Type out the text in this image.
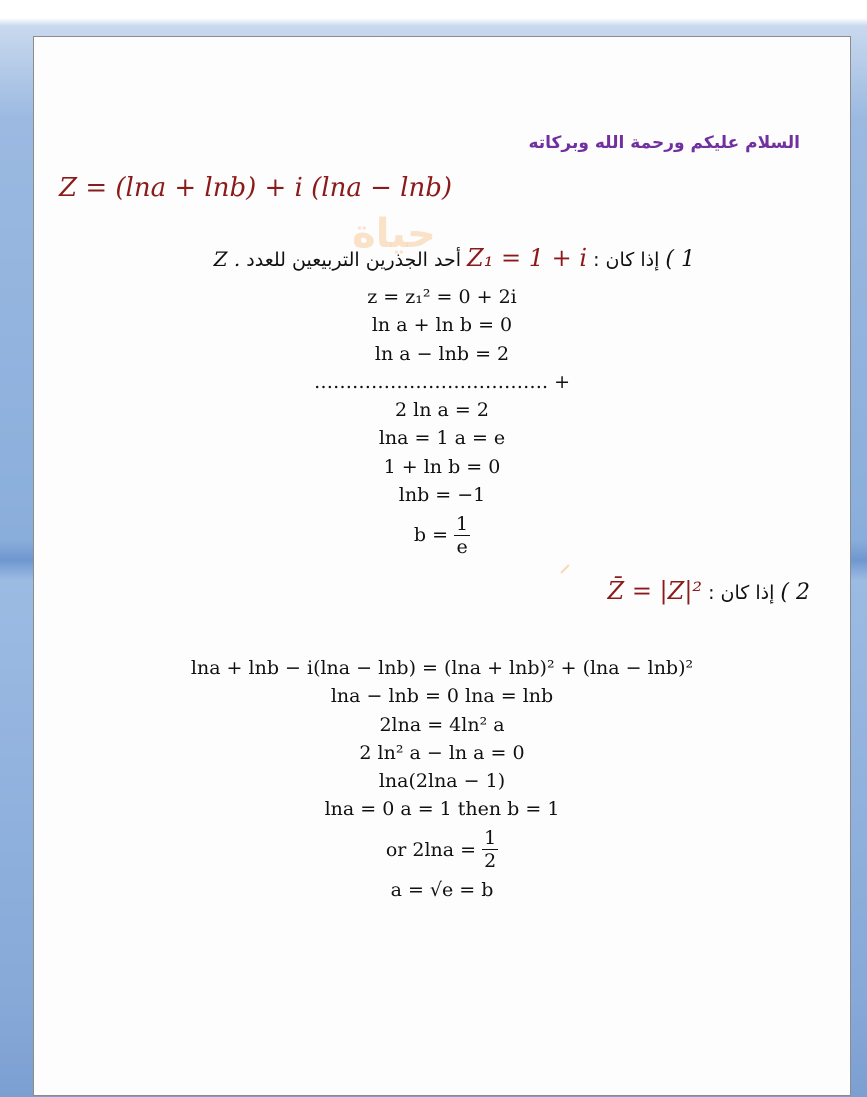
حياة
السلام عليكم ورحمة الله وبركاته
Z = (lna + lnb) + i (lna − lnb)
1 ) إذا كان : Z₁ = 1 + i أحد الجذرين التربيعين للعدد Z .
z = z₁² = 0 + 2i
ln a + ln b = 0
ln a − lnb = 2
………………………………. +
2 ln a = 2
lna = 1 a = e
1 + ln b = 0
lnb = −1
$b = \frac{1}{e}$
2 ) إذا كان : Z̄ = |Z|²
lna + lnb − i(lna − lnb) = (lna + lnb)² + (lna − lnb)²
lna − lnb = 0 lna = lnb
2lna = 4ln² a
2 ln² a − ln a = 0
lna(2lna − 1)
lna = 0 a = 1 then b = 1
or $2\ln a = \frac{1}{2}$
a = √e = b
